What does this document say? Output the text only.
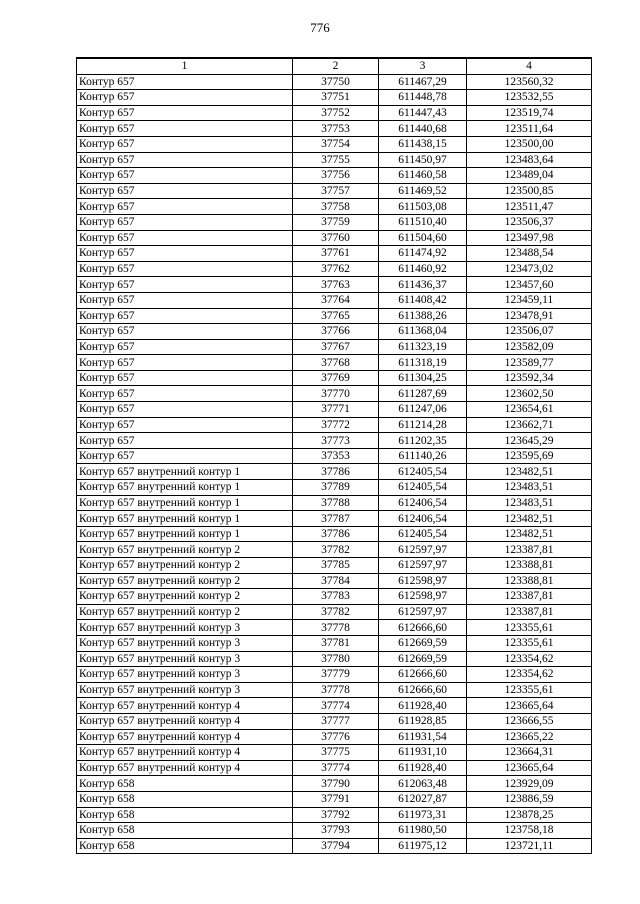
776
1	2	3	4
Контур 657	37750	611467,29	123560,32
Контур 657	37751	611448,78	123532,55
Контур 657	37752	611447,43	123519,74
Контур 657	37753	611440,68	123511,64
Контур 657	37754	611438,15	123500,00
Контур 657	37755	611450,97	123483,64
Контур 657	37756	611460,58	123489,04
Контур 657	37757	611469,52	123500,85
Контур 657	37758	611503,08	123511,47
Контур 657	37759	611510,40	123506,37
Контур 657	37760	611504,60	123497,98
Контур 657	37761	611474,92	123488,54
Контур 657	37762	611460,92	123473,02
Контур 657	37763	611436,37	123457,60
Контур 657	37764	611408,42	123459,11
Контур 657	37765	611388,26	123478,91
Контур 657	37766	611368,04	123506,07
Контур 657	37767	611323,19	123582,09
Контур 657	37768	611318,19	123589,77
Контур 657	37769	611304,25	123592,34
Контур 657	37770	611287,69	123602,50
Контур 657	37771	611247,06	123654,61
Контур 657	37772	611214,28	123662,71
Контур 657	37773	611202,35	123645,29
Контур 657	37353	611140,26	123595,69
Контур 657 внутренний контур 1	37786	612405,54	123482,51
Контур 657 внутренний контур 1	37789	612405,54	123483,51
Контур 657 внутренний контур 1	37788	612406,54	123483,51
Контур 657 внутренний контур 1	37787	612406,54	123482,51
Контур 657 внутренний контур 1	37786	612405,54	123482,51
Контур 657 внутренний контур 2	37782	612597,97	123387,81
Контур 657 внутренний контур 2	37785	612597,97	123388,81
Контур 657 внутренний контур 2	37784	612598,97	123388,81
Контур 657 внутренний контур 2	37783	612598,97	123387,81
Контур 657 внутренний контур 2	37782	612597,97	123387,81
Контур 657 внутренний контур 3	37778	612666,60	123355,61
Контур 657 внутренний контур 3	37781	612669,59	123355,61
Контур 657 внутренний контур 3	37780	612669,59	123354,62
Контур 657 внутренний контур 3	37779	612666,60	123354,62
Контур 657 внутренний контур 3	37778	612666,60	123355,61
Контур 657 внутренний контур 4	37774	611928,40	123665,64
Контур 657 внутренний контур 4	37777	611928,85	123666,55
Контур 657 внутренний контур 4	37776	611931,54	123665,22
Контур 657 внутренний контур 4	37775	611931,10	123664,31
Контур 657 внутренний контур 4	37774	611928,40	123665,64
Контур 658	37790	612063,48	123929,09
Контур 658	37791	612027,87	123886,59
Контур 658	37792	611973,31	123878,25
Контур 658	37793	611980,50	123758,18
Контур 658	37794	611975,12	123721,11
